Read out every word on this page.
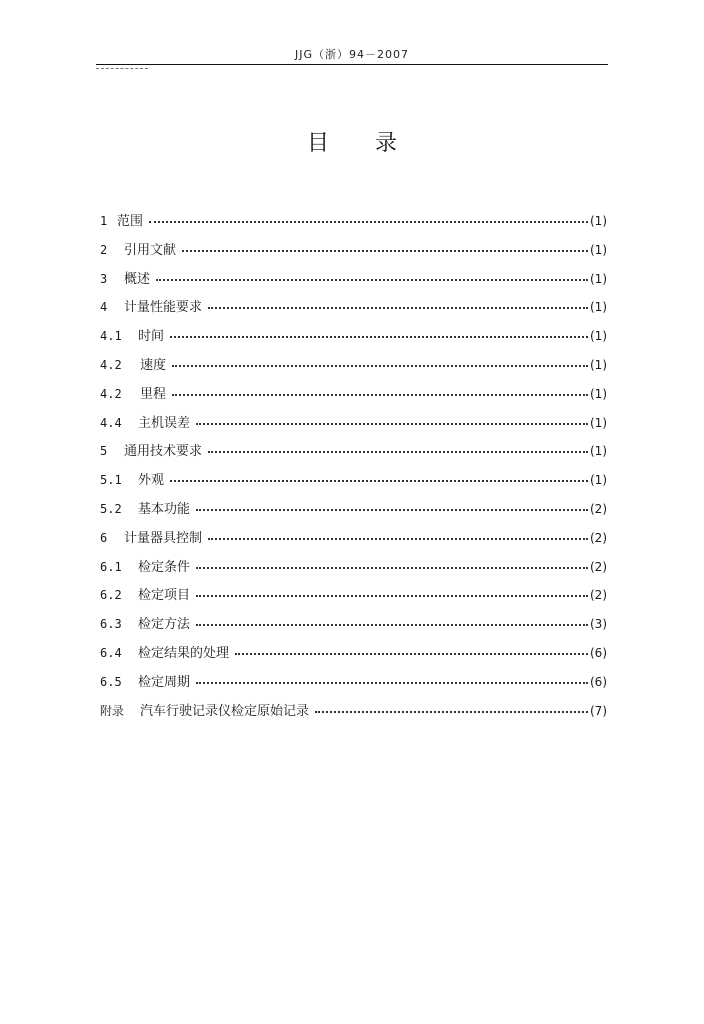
JJG（浙）94－2007
目录
1 范围	(1)
2	引用文献	(1)
3	概述	(1)
4	计量性能要求	(1)
4.1	时间	(1)
4.2	速度	(1)
4.2	里程	(1)
4.4	主机误差	(1)
5	通用技术要求	(1)
5.1	外观	(1)
5.2	基本功能	(2)
6	计量器具控制	(2)
6.1	检定条件	(2)
6.2	检定项目	(2)
6.3	检定方法	(3)
6.4	检定结果的处理	(6)
6.5	检定周期	(6)
附录	汽车行驶记录仪检定原始记录	(7)
